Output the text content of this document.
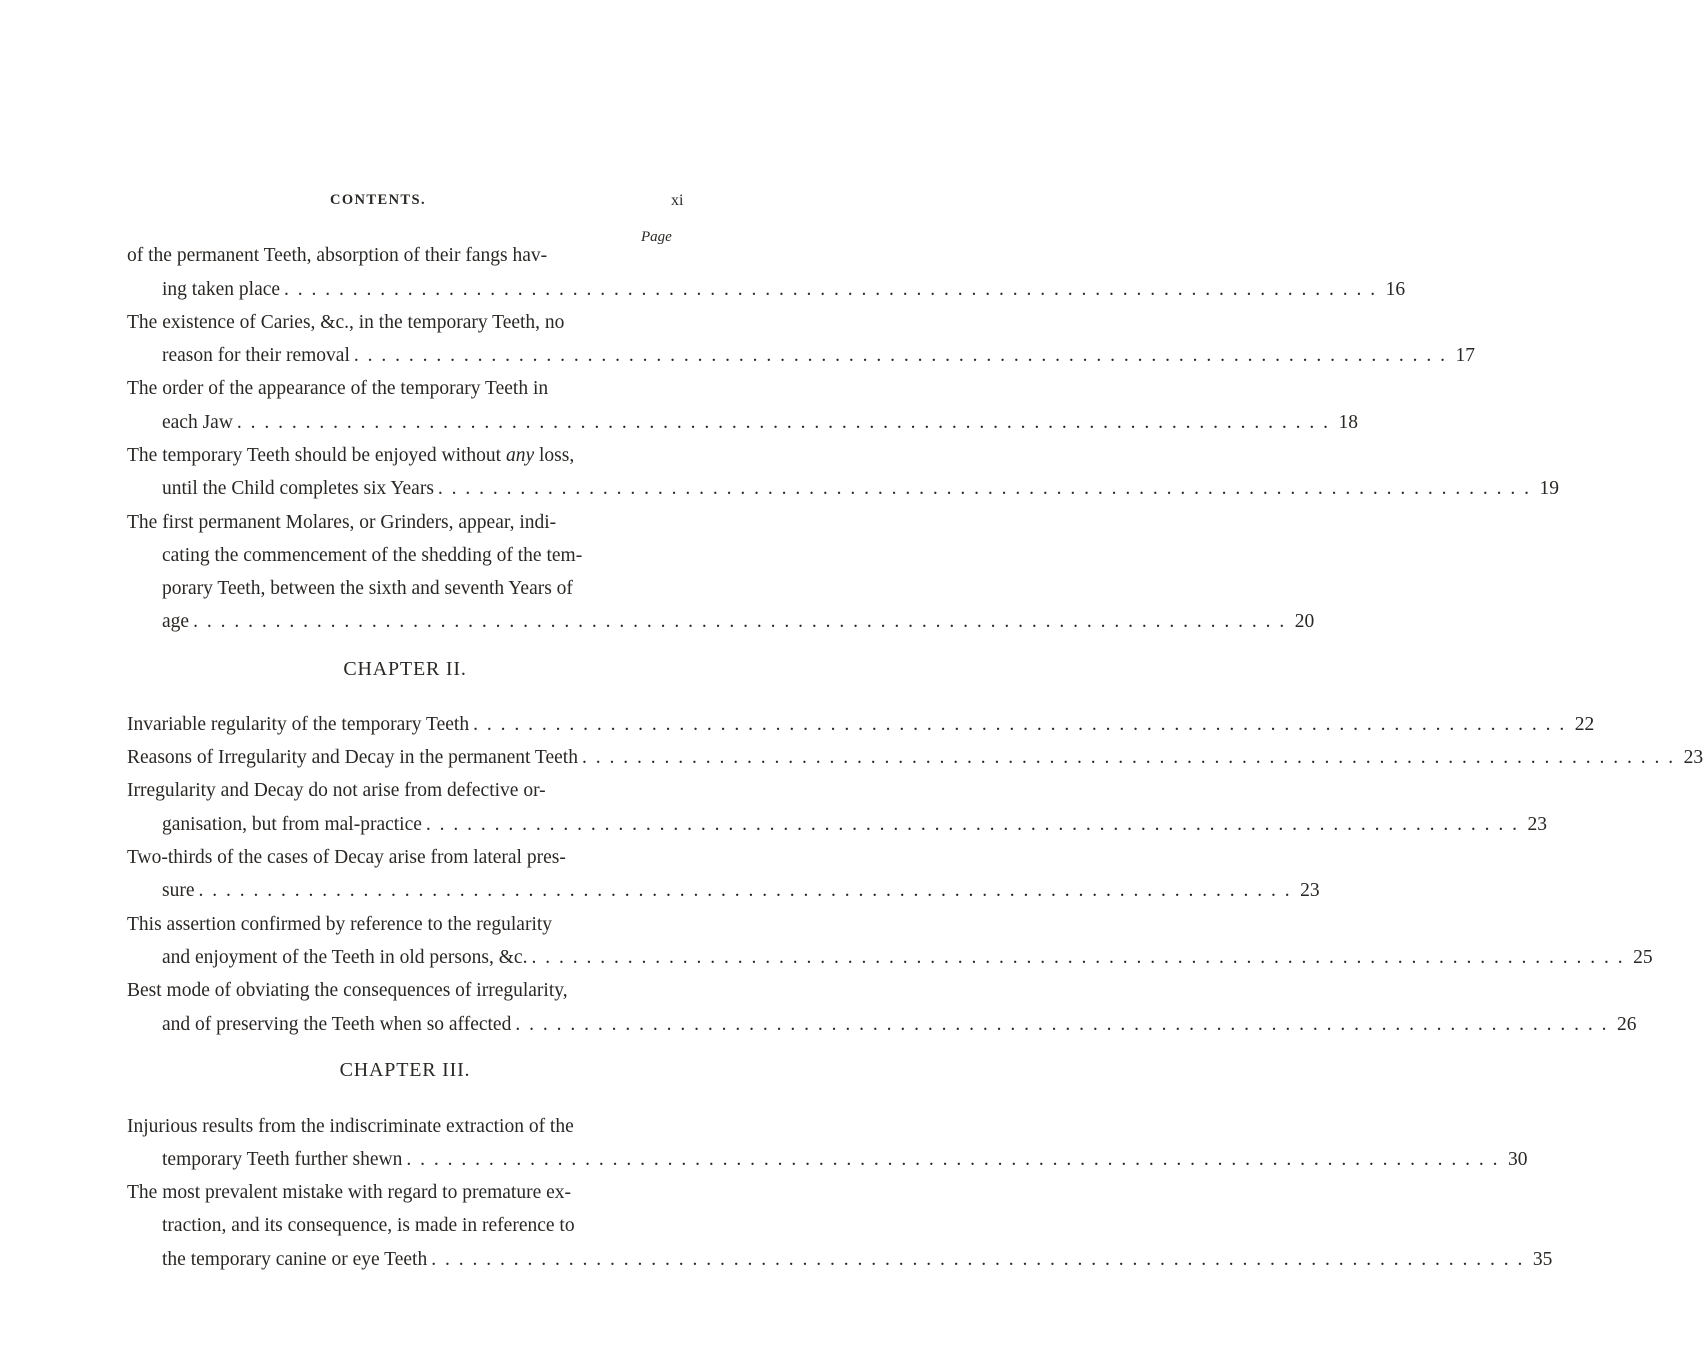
CONTENTS.	xi
Page
of the permanent Teeth, absorption of their fangs hav-
ing taken place . . . . . . . . . . . . . . . . . . . . . . . . . . . . . . . . . . . . . . . . . . . . . . . . . . . . . . . . . . . . . . . . . . . . . . . . . . . . . . . . 16
The existence of Caries, &c., in the temporary Teeth, no
reason for their removal . . . . . . . . . . . . . . . . . . . . . . . . . . . . . . . . . . . . . . . . . . . . . . . . . . . . . . . . . . . . . . . . . . . . . . . . . . . . . . . . 17
The order of the appearance of the temporary Teeth in
each Jaw . . . . . . . . . . . . . . . . . . . . . . . . . . . . . . . . . . . . . . . . . . . . . . . . . . . . . . . . . . . . . . . . . . . . . . . . . . . . . . . . 18
The temporary Teeth should be enjoyed without any loss,
until the Child completes six Years . . . . . . . . . . . . . . . . . . . . . . . . . . . . . . . . . . . . . . . . . . . . . . . . . . . . . . . . . . . . . . . . . . . . . . . . . . . . . . . . 19
The first permanent Molares, or Grinders, appear, indi-
cating the commencement of the shedding of the tem-
porary Teeth, between the sixth and seventh Years of
age . . . . . . . . . . . . . . . . . . . . . . . . . . . . . . . . . . . . . . . . . . . . . . . . . . . . . . . . . . . . . . . . . . . . . . . . . . . . . . . . 20
Invariable regularity of the temporary Teeth . . . . . . . . . . . . . . . . . . . . . . . . . . . . . . . . . . . . . . . . . . . . . . . . . . . . . . . . . . . . . . . . . . . . . . . . . . . . . . . . 22
Reasons of Irregularity and Decay in the permanent Teeth . . . . . . . . . . . . . . . . . . . . . . . . . . . . . . . . . . . . . . . . . . . . . . . . . . . . . . . . . . . . . . . . . . . . . . . . . . . . . . . . 23
Irregularity and Decay do not arise from defective or-
ganisation, but from mal-practice . . . . . . . . . . . . . . . . . . . . . . . . . . . . . . . . . . . . . . . . . . . . . . . . . . . . . . . . . . . . . . . . . . . . . . . . . . . . . . . . 23
Two-thirds of the cases of Decay arise from lateral pres-
sure . . . . . . . . . . . . . . . . . . . . . . . . . . . . . . . . . . . . . . . . . . . . . . . . . . . . . . . . . . . . . . . . . . . . . . . . . . . . . . . . 23
This assertion confirmed by reference to the regularity
and enjoyment of the Teeth in old persons, &c. . . . . . . . . . . . . . . . . . . . . . . . . . . . . . . . . . . . . . . . . . . . . . . . . . . . . . . . . . . . . . . . . . . . . . . . . . . . . . . . . 25
Best mode of obviating the consequences of irregularity,
and of preserving the Teeth when so affected . . . . . . . . . . . . . . . . . . . . . . . . . . . . . . . . . . . . . . . . . . . . . . . . . . . . . . . . . . . . . . . . . . . . . . . . . . . . . . . . 26
Injurious results from the indiscriminate extraction of the
temporary Teeth further shewn . . . . . . . . . . . . . . . . . . . . . . . . . . . . . . . . . . . . . . . . . . . . . . . . . . . . . . . . . . . . . . . . . . . . . . . . . . . . . . . . 30
The most prevalent mistake with regard to premature ex-
traction, and its consequence, is made in reference to
the temporary canine or eye Teeth . . . . . . . . . . . . . . . . . . . . . . . . . . . . . . . . . . . . . . . . . . . . . . . . . . . . . . . . . . . . . . . . . . . . . . . . . . . . . . . . 35
CHAPTER II.
CHAPTER III.
